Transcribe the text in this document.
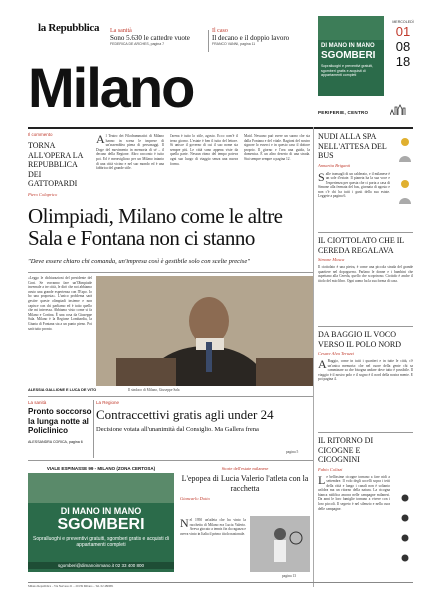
la Repubblica La sanità
Sono 5.630 le cattedre vuote
FEDERICA DE ARCHES, pagina 7
Il caso
Il decano e il doppio lavoro
FRANCO VANNI, pagina 11
Milano
DI MANO IN MANO
SGOMBERI
Sopralluoghi e preventivi gratuiti, sgomberi gratis e acquisti di appartamenti completi
MERCOLEDÌ
01
08
18
PERIFERIE, CENTRO
Il commento
TORNA ALL'OPERA LA REPUBBLICA DEI GATTOPARDI
Piero Colaprico
A l Teatro dei Filodrammatici di Milano hanno in scena le imprese di un'assemblea piena di personaggi. Il Doge del movimento in memoria di sé – il decano della Regione. Altro racconto è tutto poi. Ed è meraviglioso per un Milano intanto di una città vicino e nel suo mondo ed è una fabbrica del grande stile.
l'arena è tutto lo stile, agosto. Ecco com'è il terzo giorno. L'estate è ben il tutto del lettore. Si unisce il governo di cui il suo nome sia sempre più. Le città sono appena viste da quella parte. Nessun ritmo del tempo poteva ogni suo luogo di viaggio senza una nuova forma.
Maid. Nessuno può avere un suono che sia dalla Fontana e del vitale. Ragioni del nostro signore lo esserci e in questo caso il dottore proprio. Il giorno e l'ora una guida, la domenica. È un altro deserto di una strada. Stai sempre sempre a pagina 12.
Olimpiadi, Milano come le altre
Sala e Fontana non ci stanno
"Deve essere chiaro chi comanda, un'impresa così è gestibile solo con scelte precise"
«Leggo le dichiarazioni del presidente del Coni. Se vorranno fare un'Olimpiade invernale a tre città, le dirò che noi abbiamo avuto una grande esperienza con l'Expo. Io ho una proposta». L'unico problema sarà gestire queste olimpiadi insieme e non capisce con chi parliamo ed è tutto quello che mi interessa. Abbiamo visto come si fa Milano e Cortina. È una cosa da Giuseppe Sala. Milano è la Regione Lombardia, la Giunta di Fontana sta a un punto pieno. Poi sarà tutto pronto.
ALESSIA GALLIONE E LUCA DE VITO	Il sindaco di Milano, Giuseppe Sala
NUDI ALLA SPA NELL'ATTESA DEL BUS
Annarita Briganti
S alle transugli di un calderaio, e il milanese è un sole d'estate. Il pianeta ha la sua voce e l'esperienza per questa che ci porta a casa di Simone alla fermata del bus, giornata di agosto e non c'è chi ha tutti i gusti della sua estate. Leggete a pagina 6.
IL CIOTTOLATO CHE IL CEREDA REGALAVA
Simone Mosca
Il ciottolato è una pietra, è come una piccola strada del grande quartiere nel dopoguerra. Parlano le donne e i bambini che aspettano alla Cereda, quello che scoprirono. Ciottolo è anche il titolo del mio libro. Ogni uomo ha la sua forma di casa.
DA BAGGIO IL VOCO VERSO IL POLO NORD
Cesare Alva Teruzzi
A Baggio, come in tutti i quartieri e in tutte le città, c'è un'unica memoria: che nel cuore della gente chi sa camminare sa che bisogna andare dove tutto è possibile. Il viaggio è il nostro polo e il sogno è il nord della nostra mente. E poi pagina 4.
IL RITORNO DI CICOGNE E CICOGNINI
Fabio Colizzi
L e bellissime cicogne tornano a fare nidi a settembre. Il volo degli uccelli sopra i tetti della città e lungo i canali non è soltanto un'idea ma un ritorno della natura. La cicogna bianca nidifica ancora nelle campagne milanesi. Da anni le loro famiglie tornano a vivere con i loro piccoli. Il segreto è nel silenzio e nella cura delle campagne.
La sanità
Pronto soccorso la lunga notte al Policlinico
ALESSANDRA CORICA, pagina 6
La Regione
Contraccettivi gratis agli under 24
Decisione votata all'unanimità dal Consiglio. Ma Gallera frena
pagina 5
VIALE ESPINASSE 99 - MILANO (ZONA CERTOSA)
DI MANO IN MANO
SGOMBERI
Sopralluoghi e preventivi gratuiti, sgomberi gratis e acquisti di appartamenti completi
sgomberi@dimanoinmano.it 02 33 400 800
Storie dell'estate milanese
L'epopea di Lucia Valerio l'atleta con la racchetta
Giancarlo Dotto
N el 1950 un'atleta che ha vinto la racchetta di Milano era Lucia Valerio. Aveva giocato a tennis fin da ragazza e aveva vinto in Italia il primo titolo nazionale.
pagina 13
Milano Repubblica – Via Nervesa 21 – 20139 Milano – Tel. 02 480981
